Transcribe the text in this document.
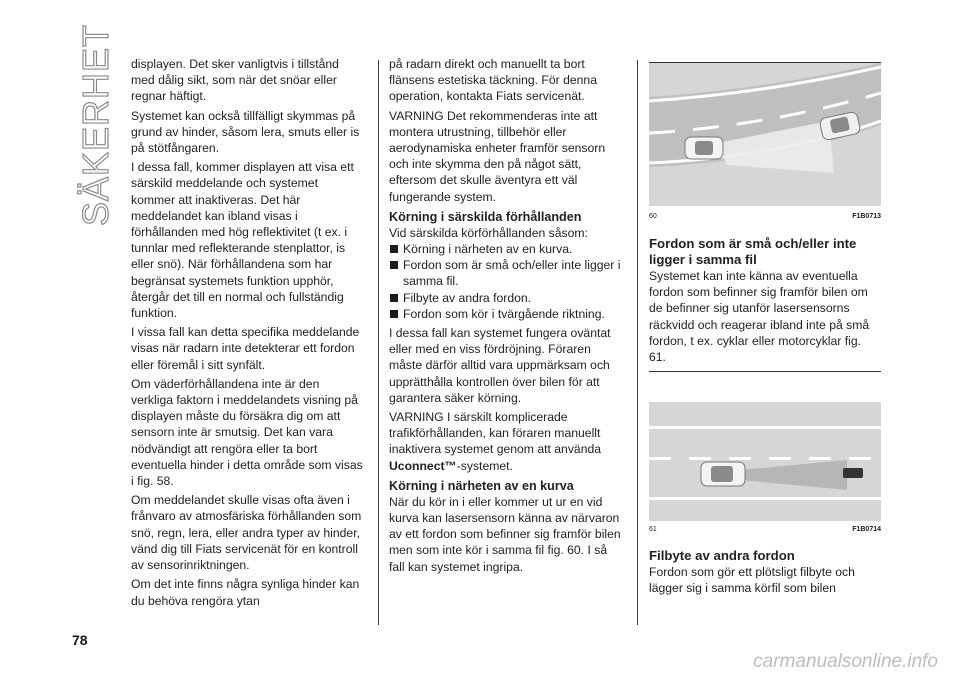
SÄKERHET displayen. Det sker vanligtvis i tillstånd med dålig sikt, som när det snöar eller regnar häftigt.

Systemet kan också tillfälligt skymmas på grund av hinder, såsom lera, smuts eller is på stötfångaren.

I dessa fall, kommer displayen att visa ett särskild meddelande och systemet kommer att inaktiveras. Det här meddelandet kan ibland visas i förhållanden med hög reflektivitet (t ex. i tunnlar med reflekterande stenplattor, is eller snö). När förhållandena som har begränsat systemets funktion upphör, återgår det till en normal och fullständig funktion.

I vissa fall kan detta specifika meddelande visas när radarn inte detekterar ett fordon eller föremål i sitt synfält.

Om väderförhållandena inte är den verkliga faktorn i meddelandets visning på displayen måste du försäkra dig om att sensorn inte är smutsig. Det kan vara nödvändigt att rengöra eller ta bort eventuella hinder i detta område som visas i fig. 58.

Om meddelandet skulle visas ofta även i frånvaro av atmosfäriska förhållanden som snö, regn, lera, eller andra typer av hinder, vänd dig till Fiats servicenät för en kontroll av sensorinriktningen.

Om det inte finns några synliga hinder kan du behöva rengöra ytan

på radarn direkt och manuellt ta bort flänsens estetiska täckning. För denna operation, kontakta Fiats servicenät.

VARNING Det rekommenderas inte att montera utrustning, tillbehör eller aerodynamiska enheter framför sensorn och inte skymma den på något sätt, eftersom det skulle äventyra ett väl fungerande system.

Körning i särskilda förhållanden

Vid särskilda körförhållanden såsom:

Körning i närheten av en kurva.
Fordon som är små och/eller inte ligger i samma fil.
Filbyte av andra fordon.
Fordon som kör i tvärgående riktning.

I dessa fall kan systemet fungera oväntat eller med en viss fördröjning. Föraren måste därför alltid vara uppmärksam och upprätthålla kontrollen över bilen för att garantera säker körning.

VARNING I särskilt komplicerade trafikförhållanden, kan föraren manuellt inaktivera systemet genom att använda Uconnect™-systemet.

Körning i närheten av en kurva

När du kör in i eller kommer ut ur en vid kurva kan lasersensorn känna av närvaron av ett fordon som befinner sig framför bilen men som inte kör i samma fil fig. 60. I så fall kan systemet ingripa.

60	F1B0713
Fordon som är små och/eller inte ligger i samma fil

Systemet kan inte känna av eventuella fordon som befinner sig framför bilen om de befinner sig utanför lasersensorns räckvidd och reagerar ibland inte på små fordon, t ex. cyklar eller motorcyklar fig. 61.

61	F1B0714
Filbyte av andra fordon

Fordon som gör ett plötsligt filbyte och lägger sig i samma körfil som bilen

78
carmanualsonline.info
